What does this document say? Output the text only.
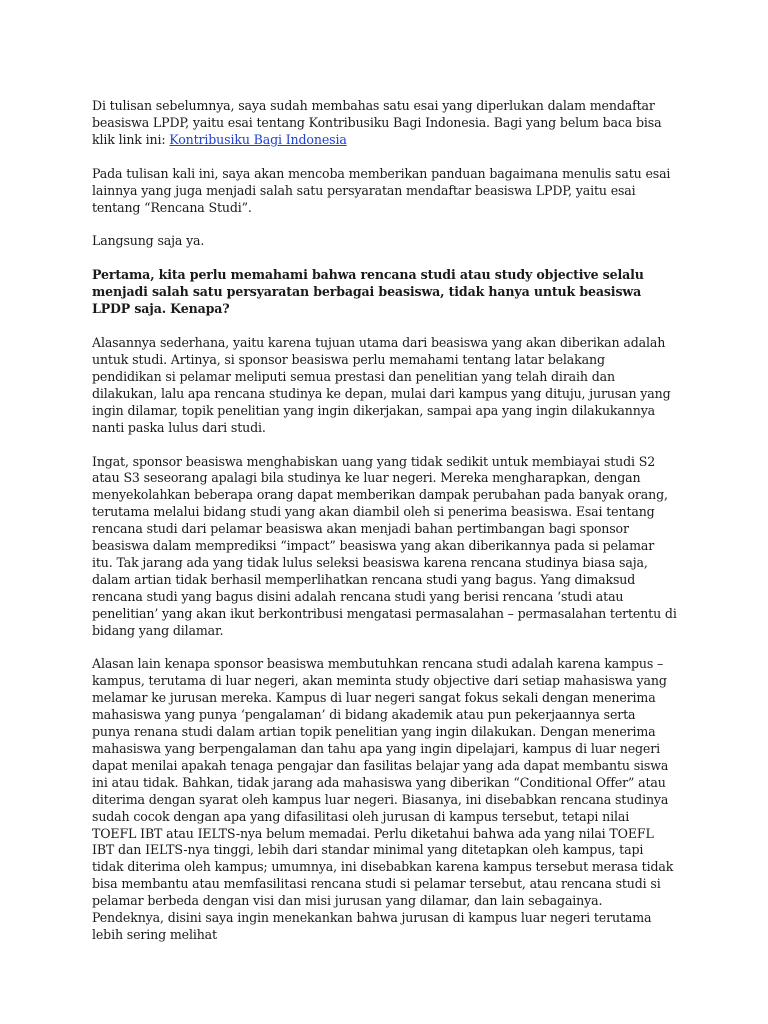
Di tulisan sebelumnya, saya sudah membahas satu esai yang diperlukan dalam mendaftar beasiswa LPDP, yaitu esai tentang Kontribusiku Bagi Indonesia. Bagi yang belum baca bisa klik link ini: Kontribusiku Bagi Indonesia

Pada tulisan kali ini, saya akan mencoba memberikan panduan bagaimana menulis satu esai lainnya yang juga menjadi salah satu persyaratan mendaftar beasiswa LPDP, yaitu esai tentang “Rencana Studi”.

Langsung saja ya.

Pertama, kita perlu memahami bahwa rencana studi atau study objective selalu menjadi salah satu persyaratan berbagai beasiswa, tidak hanya untuk beasiswa LPDP saja. Kenapa?

Alasannya sederhana, yaitu karena tujuan utama dari beasiswa yang akan diberikan adalah untuk studi. Artinya, si sponsor beasiswa perlu memahami tentang latar belakang pendidikan si pelamar meliputi semua prestasi dan penelitian yang telah diraih dan dilakukan, lalu apa rencana studinya ke depan, mulai dari kampus yang dituju, jurusan yang ingin dilamar, topik penelitian yang ingin dikerjakan, sampai apa yang ingin dilakukannya nanti paska lulus dari studi.

Ingat, sponsor beasiswa menghabiskan uang yang tidak sedikit untuk membiayai studi S2 atau S3 seseorang apalagi bila studinya ke luar negeri. Mereka mengharapkan, dengan menyekolahkan beberapa orang dapat memberikan dampak perubahan pada banyak orang, terutama melalui bidang studi yang akan diambil oleh si penerima beasiswa. Esai tentang rencana studi dari pelamar beasiswa akan menjadi bahan pertimbangan bagi sponsor beasiswa dalam memprediksi “impact” beasiswa yang akan diberikannya pada si pelamar itu. Tak jarang ada yang tidak lulus seleksi beasiswa karena rencana studinya biasa saja, dalam artian tidak berhasil memperlihatkan rencana studi yang bagus. Yang dimaksud rencana studi yang bagus disini adalah rencana studi yang berisi rencana ‘studi atau penelitian’ yang akan ikut berkontribusi mengatasi permasalahan – permasalahan tertentu di bidang yang dilamar.

Alasan lain kenapa sponsor beasiswa membutuhkan rencana studi adalah karena kampus – kampus, terutama di luar negeri, akan meminta study objective dari setiap mahasiswa yang melamar ke jurusan mereka. Kampus di luar negeri sangat fokus sekali dengan menerima mahasiswa yang punya ‘pengalaman’ di bidang akademik atau pun pekerjaannya serta punya renana studi dalam artian topik penelitian yang ingin dilakukan. Dengan menerima mahasiswa yang berpengalaman dan tahu apa yang ingin dipelajari, kampus di luar negeri dapat menilai apakah tenaga pengajar dan fasilitas belajar yang ada dapat membantu siswa ini atau tidak. Bahkan, tidak jarang ada mahasiswa yang diberikan “Conditional Offer” atau diterima dengan syarat oleh kampus luar negeri. Biasanya, ini disebabkan rencana studinya sudah cocok dengan apa yang difasilitasi oleh jurusan di kampus tersebut, tetapi nilai TOEFL IBT atau IELTS-nya belum memadai. Perlu diketahui bahwa ada yang nilai TOEFL IBT dan IELTS-nya tinggi, lebih dari standar minimal yang ditetapkan oleh kampus, tapi tidak diterima oleh kampus; umumnya, ini disebabkan karena kampus tersebut merasa tidak bisa membantu atau memfasilitasi rencana studi si pelamar tersebut, atau rencana studi si pelamar berbeda dengan visi dan misi jurusan yang dilamar, dan lain sebagainya. Pendeknya, disini saya ingin menekankan bahwa jurusan di kampus luar negeri terutama lebih sering melihat
